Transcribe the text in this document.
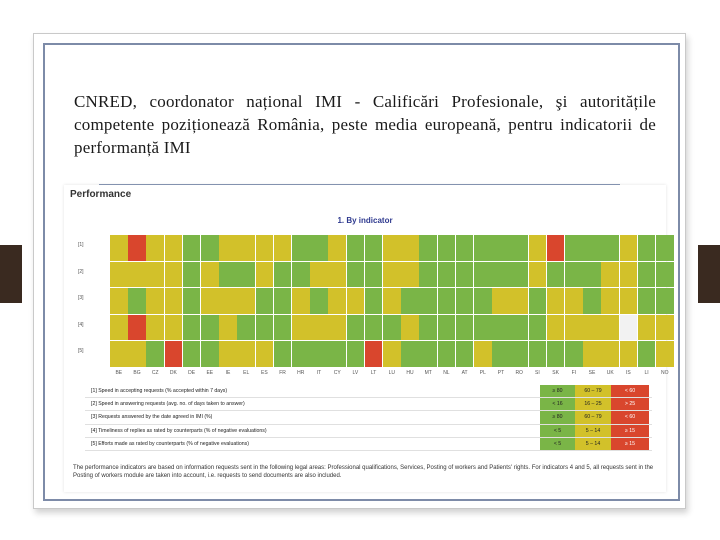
CNRED, coordonator național IMI - Calificări Profesionale, şi autoritățile competente poziționează România, peste media europeană, pentru indicatorii de performanță IMI
Performance
1. By indicator
[1]
[2]
[3]
[4]
[5]
BE	BG	CZ	DK	DE	EE	IE	EL	ES	FR	HR	IT	CY	LV	LT	LU	HU	MT	NL	AT	PL	PT	RO	SI	SK	FI	SE	UK	IS	LI	NO
[1] Speed in accepting requests (% accepted within 7 days)	≥ 80	60 – 79	< 60
[2] Speed in answering requests (avg. no. of days taken to answer)	< 16	16 – 25	> 25
[3] Requests answered by the date agreed in IMI (%)	≥ 80	60 – 79	< 60
[4] Timeliness of replies as rated by counterparts (% of negative evaluations)	< 5	5 – 14	≥ 15
[5] Efforts made as rated by counterparts (% of negative evaluations)	< 5	5 – 14	≥ 15
The performance indicators are based on information requests sent in the following legal areas: Professional qualifications, Services, Posting of workers and Patients' rights. For indicators 4 and 5, all requests sent in the Posting of workers module are taken into account, i.e. requests to send documents are also included.
